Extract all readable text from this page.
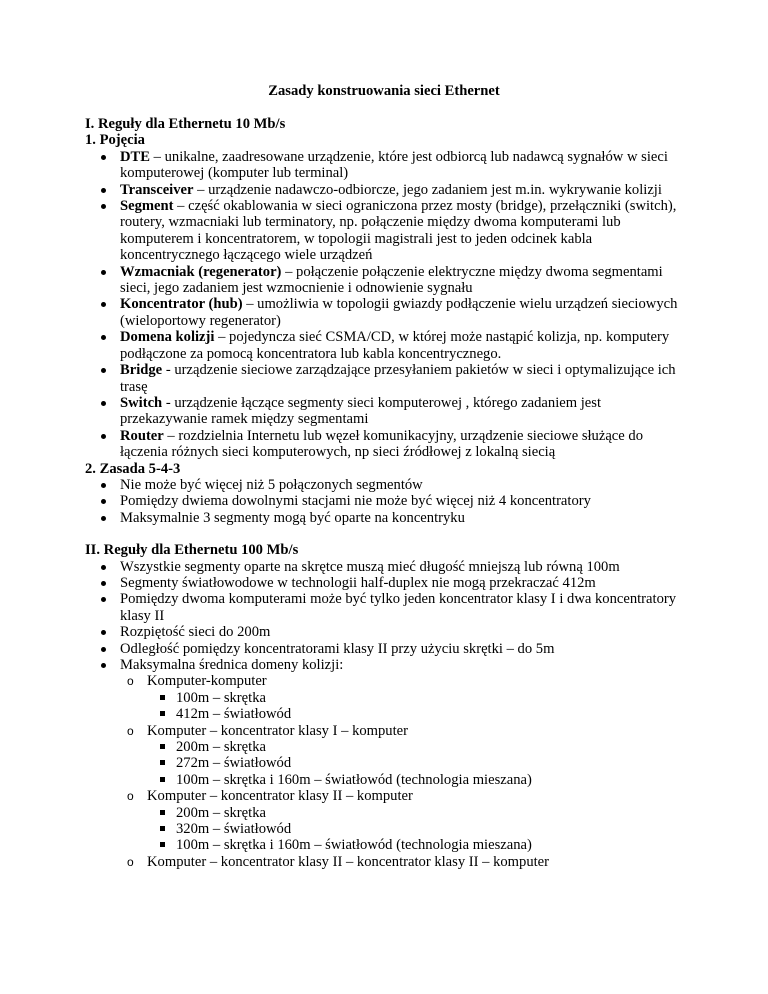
Zasady konstruowania sieci Ethernet
I. Reguły dla Ethernetu 10 Mb/s
1. Pojęcia
DTE – unikalne, zaadresowane urządzenie, które jest odbiorcą lub nadawcą sygnałów w sieci komputerowej (komputer lub terminal)
Transceiver – urządzenie nadawczo-odbiorcze, jego zadaniem jest m.in. wykrywanie kolizji
Segment – część okablowania w sieci ograniczona przez mosty (bridge), przełączniki (switch), routery, wzmacniaki lub terminatory, np. połączenie między dwoma komputerami lub komputerem i koncentratorem, w topologii magistrali jest to jeden odcinek kabla koncentrycznego łączącego wiele urządzeń
Wzmacniak (regenerator) – połączenie połączenie elektryczne między dwoma segmentami sieci, jego zadaniem jest wzmocnienie i odnowienie sygnału
Koncentrator (hub) – umożliwia w topologii gwiazdy podłączenie wielu urządzeń sieciowych (wieloportowy regenerator)
Domena kolizji – pojedyncza sieć CSMA/CD, w której może nastąpić kolizja, np. komputery podłączone za pomocą koncentratora lub kabla koncentrycznego.
Bridge - urządzenie sieciowe zarządzające przesyłaniem pakietów w sieci i optymalizujące ich trasę
Switch - urządzenie łączące segmenty sieci komputerowej , którego zadaniem jest przekazywanie ramek między segmentami
Router – rozdzielnia Internetu lub węzeł komunikacyjny, urządzenie sieciowe służące do łączenia różnych sieci komputerowych, np sieci źródłowej z lokalną siecią
2. Zasada 5-4-3
Nie może być więcej niż 5 połączonych segmentów
Pomiędzy dwiema dowolnymi stacjami nie może być więcej niż 4 koncentratory
Maksymalnie 3 segmenty mogą być oparte na koncentryku
II. Reguły dla Ethernetu 100 Mb/s
Wszystkie segmenty oparte na skrętce muszą mieć długość mniejszą lub równą 100m
Segmenty światłowodowe w technologii half-duplex nie mogą przekraczać 412m
Pomiędzy dwoma komputerami może być tylko jeden koncentrator klasy I i dwa koncentratory klasy II
Rozpiętość sieci do 200m
Odległość pomiędzy koncentratorami klasy II przy użyciu skrętki – do 5m
Maksymalna średnica domeny kolizji:
o Komputer-komputer
100m – skrętka
412m – światłowód
o Komputer – koncentrator klasy I – komputer
200m – skrętka
272m – światłowód
100m – skrętka i 160m – światłowód (technologia mieszana)
o Komputer – koncentrator klasy II – komputer
200m – skrętka
320m – światłowód
100m – skrętka i 160m – światłowód (technologia mieszana)
o Komputer – koncentrator klasy II – koncentrator klasy II – komputer
